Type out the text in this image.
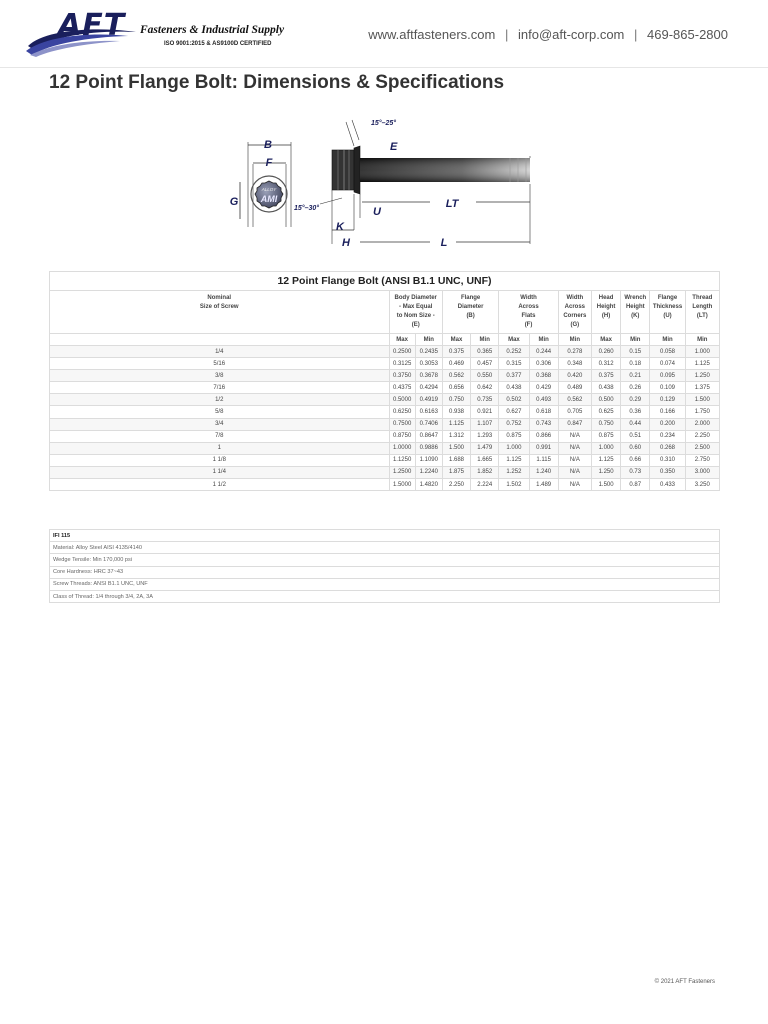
AFT Fasteners & Industrial Supply
ISO 9001:2015 & AS9100D CERTIFIED
www.aftfasteners.com | info@aft-corp.com | 469-865-2800
12 Point Flange Bolt: Dimensions & Specifications
ALLOY
AMI
B
F
G
15°–25°
E
LT
15°–30°	U
K
H	L
12 Point Flange Bolt (ANSI B1.1 UNC, UNF)											
Nominal
Size of Screw	Body Diameter
- Max Equal
to Nom Size -
(E)		Flange
Diameter
(B)		Width
Across
Flats
(F)		Width
Across
Corners
(G)	Head
Height
(H)	Wrench
Height
(K)	Flange
Thickness
(U)	Thread
Length
(LT)
	Max	Min	Max	Min	Max	Min	Min	Max	Min	Min	Min
1/4	0.2500	0.2435	0.375	0.365	0.252	0.244	0.278	0.260	0.15	0.058	1.000
5/16	0.3125	0.3053	0.469	0.457	0.315	0.306	0.348	0.312	0.18	0.074	1.125
3/8	0.3750	0.3678	0.562	0.550	0.377	0.368	0.420	0.375	0.21	0.095	1.250
7/16	0.4375	0.4294	0.656	0.642	0.438	0.429	0.489	0.438	0.26	0.109	1.375
1/2	0.5000	0.4919	0.750	0.735	0.502	0.493	0.562	0.500	0.29	0.129	1.500
5/8	0.6250	0.6163	0.938	0.921	0.627	0.618	0.705	0.625	0.36	0.166	1.750
3/4	0.7500	0.7406	1.125	1.107	0.752	0.743	0.847	0.750	0.44	0.200	2.000
7/8	0.8750	0.8647	1.312	1.293	0.875	0.866	N/A	0.875	0.51	0.234	2.250
1	1.0000	0.9886	1.500	1.479	1.000	0.991	N/A	1.000	0.60	0.268	2.500
1 1/8	1.1250	1.1090	1.688	1.665	1.125	1.115	N/A	1.125	0.66	0.310	2.750
1 1/4	1.2500	1.2240	1.875	1.852	1.252	1.240	N/A	1.250	0.73	0.350	3.000
1 1/2	1.5000	1.4820	2.250	2.224	1.502	1.489	N/A	1.500	0.87	0.433	3.250
IFI 115
Material: Alloy Steel AISI 4135/4140
Wedge Tensile: Min 170,000 psi
Core Hardness: HRC 37~43
Screw Threads: ANSI B1.1 UNC, UNF
Class of Thread: 1/4 through 3/4, 2A, 3A
© 2021 AFT Fasteners
